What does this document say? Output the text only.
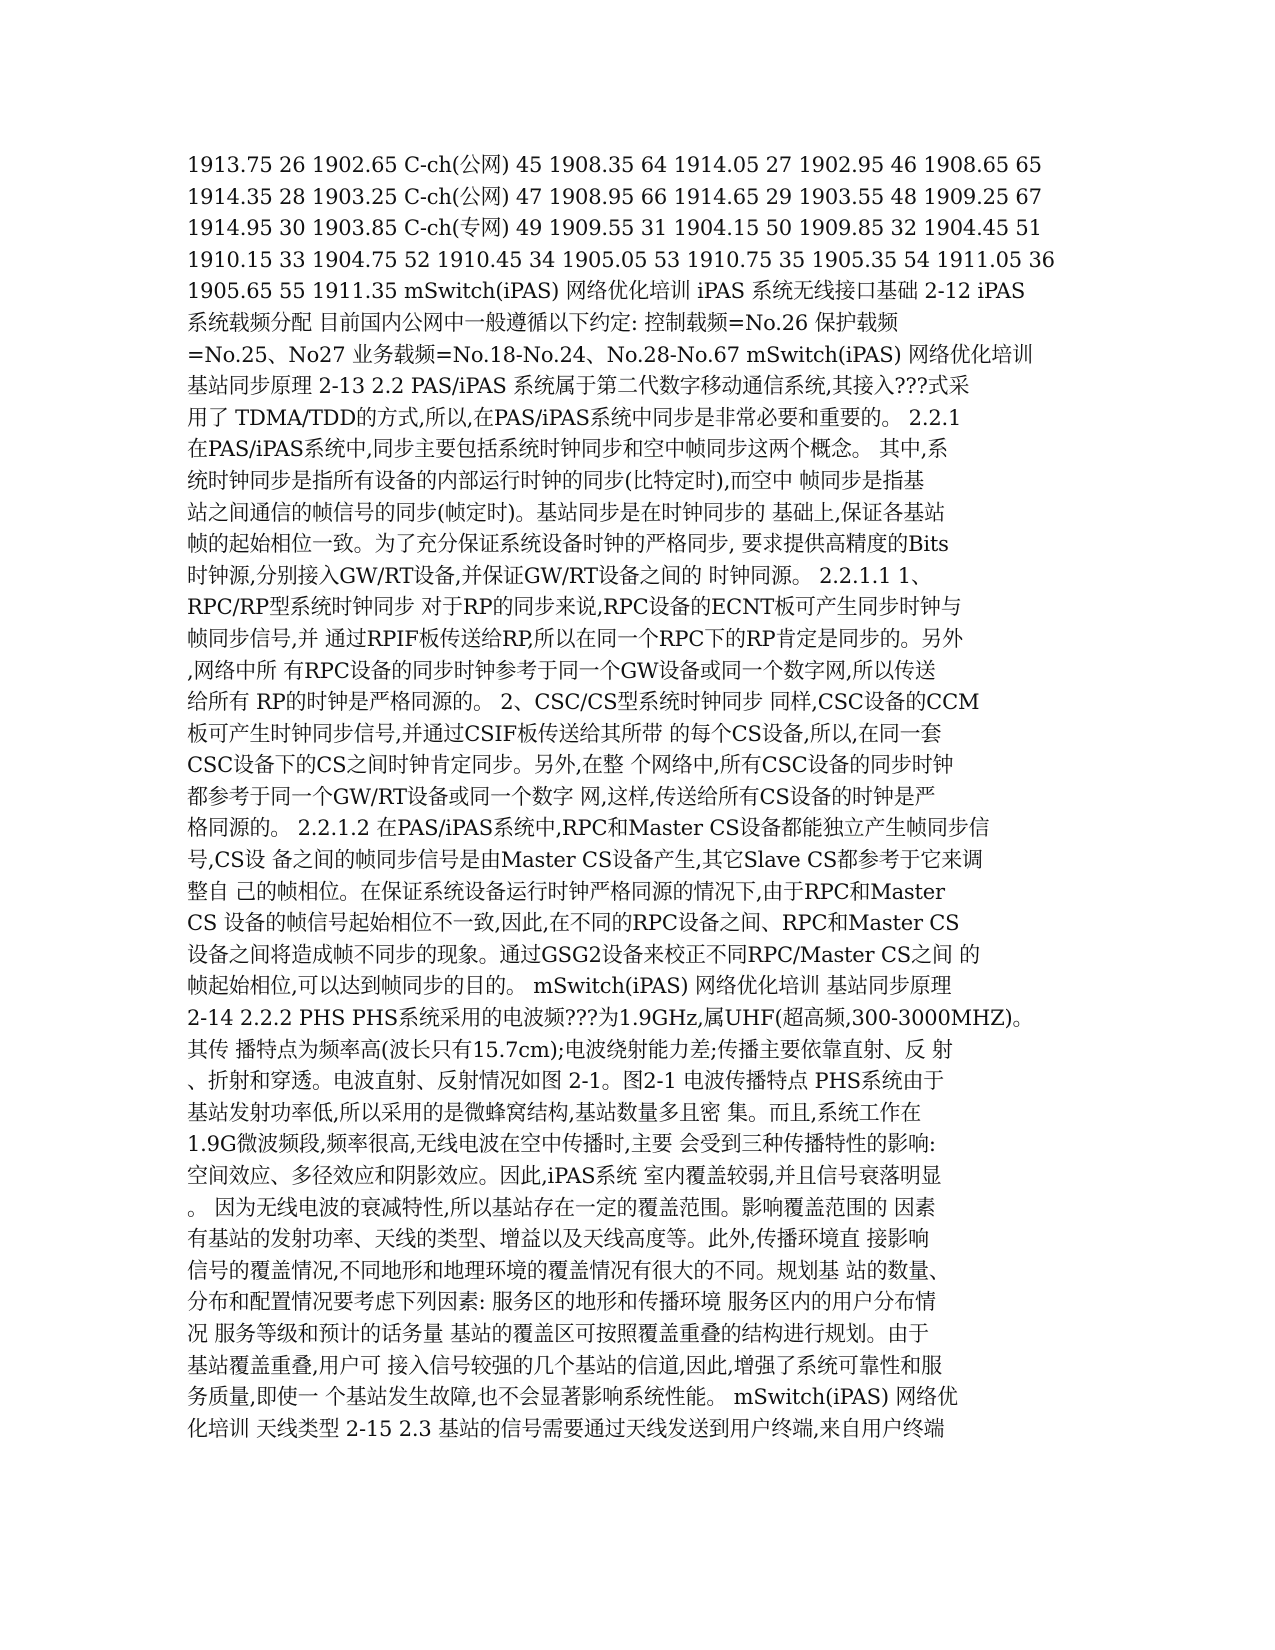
1913.75 26 1902.65 C-ch(公网) 45 1908.35 64 1914.05 27 1902.95 46 1908.65 65
1914.35 28 1903.25 C-ch(公网) 47 1908.95 66 1914.65 29 1903.55 48 1909.25 67
1914.95 30 1903.85 C-ch(专网) 49 1909.55 31 1904.15 50 1909.85 32 1904.45 51
1910.15 33 1904.75 52 1910.45 34 1905.05 53 1910.75 35 1905.35 54 1911.05 36
1905.65 55 1911.35 mSwitch(iPAS) 网络优化培训 iPAS 系统无线接口基础 2-12 iPAS
系统载频分配 目前国内公网中一般遵循以下约定: 控制载频=No.26 保护载频
=No.25、No27 业务载频=No.18-No.24、No.28-No.67 mSwitch(iPAS) 网络优化培训
基站同步原理 2-13 2.2 PAS/iPAS 系统属于第二代数字移动通信系统,其接入???式采
用了 TDMA/TDD的方式,所以,在PAS/iPAS系统中同步是非常必要和重要的。 2.2.1
在PAS/iPAS系统中,同步主要包括系统时钟同步和空中帧同步这两个概念。 其中,系
统时钟同步是指所有设备的内部运行时钟的同步(比特定时),而空中 帧同步是指基
站之间通信的帧信号的同步(帧定时)。基站同步是在时钟同步的 基础上,保证各基站
帧的起始相位一致。为了充分保证系统设备时钟的严格同步, 要求提供高精度的Bits
时钟源,分别接入GW/RT设备,并保证GW/RT设备之间的 时钟同源。 2.2.1.1 1、
RPC/RP型系统时钟同步 对于RP的同步来说,RPC设备的ECNT板可产生同步时钟与
帧同步信号,并 通过RPIF板传送给RP,所以在同一个RPC下的RP肯定是同步的。另外
,网络中所 有RPC设备的同步时钟参考于同一个GW设备或同一个数字网,所以传送
给所有 RP的时钟是严格同源的。 2、CSC/CS型系统时钟同步 同样,CSC设备的CCM
板可产生时钟同步信号,并通过CSIF板传送给其所带 的每个CS设备,所以,在同一套
CSC设备下的CS之间时钟肯定同步。另外,在整 个网络中,所有CSC设备的同步时钟
都参考于同一个GW/RT设备或同一个数字 网,这样,传送给所有CS设备的时钟是严
格同源的。 2.2.1.2 在PAS/iPAS系统中,RPC和Master CS设备都能独立产生帧同步信
号,CS设 备之间的帧同步信号是由Master CS设备产生,其它Slave CS都参考于它来调
整自 己的帧相位。在保证系统设备运行时钟严格同源的情况下,由于RPC和Master
CS 设备的帧信号起始相位不一致,因此,在不同的RPC设备之间、RPC和Master CS
设备之间将造成帧不同步的现象。通过GSG2设备来校正不同RPC/Master CS之间 的
帧起始相位,可以达到帧同步的目的。 mSwitch(iPAS) 网络优化培训 基站同步原理
2-14 2.2.2 PHS PHS系统采用的电波频???为1.9GHz,属UHF(超高频,300-3000MHZ)。
其传 播特点为频率高(波长只有15.7cm);电波绕射能力差;传播主要依靠直射、反 射
、折射和穿透。电波直射、反射情况如图 2-1。图2-1 电波传播特点 PHS系统由于
基站发射功率低,所以采用的是微蜂窝结构,基站数量多且密 集。而且,系统工作在
1.9G微波频段,频率很高,无线电波在空中传播时,主要 会受到三种传播特性的影响:
空间效应、多径效应和阴影效应。因此,iPAS系统 室内覆盖较弱,并且信号衰落明显
。 因为无线电波的衰减特性,所以基站存在一定的覆盖范围。影响覆盖范围的 因素
有基站的发射功率、天线的类型、增益以及天线高度等。此外,传播环境直 接影响
信号的覆盖情况,不同地形和地理环境的覆盖情况有很大的不同。规划基 站的数量、
分布和配置情况要考虑下列因素: 服务区的地形和传播环境 服务区内的用户分布情
况 服务等级和预计的话务量 基站的覆盖区可按照覆盖重叠的结构进行规划。由于
基站覆盖重叠,用户可 接入信号较强的几个基站的信道,因此,增强了系统可靠性和服
务质量,即使一 个基站发生故障,也不会显著影响系统性能。 mSwitch(iPAS) 网络优
化培训 天线类型 2-15 2.3 基站的信号需要通过天线发送到用户终端,来自用户终端
